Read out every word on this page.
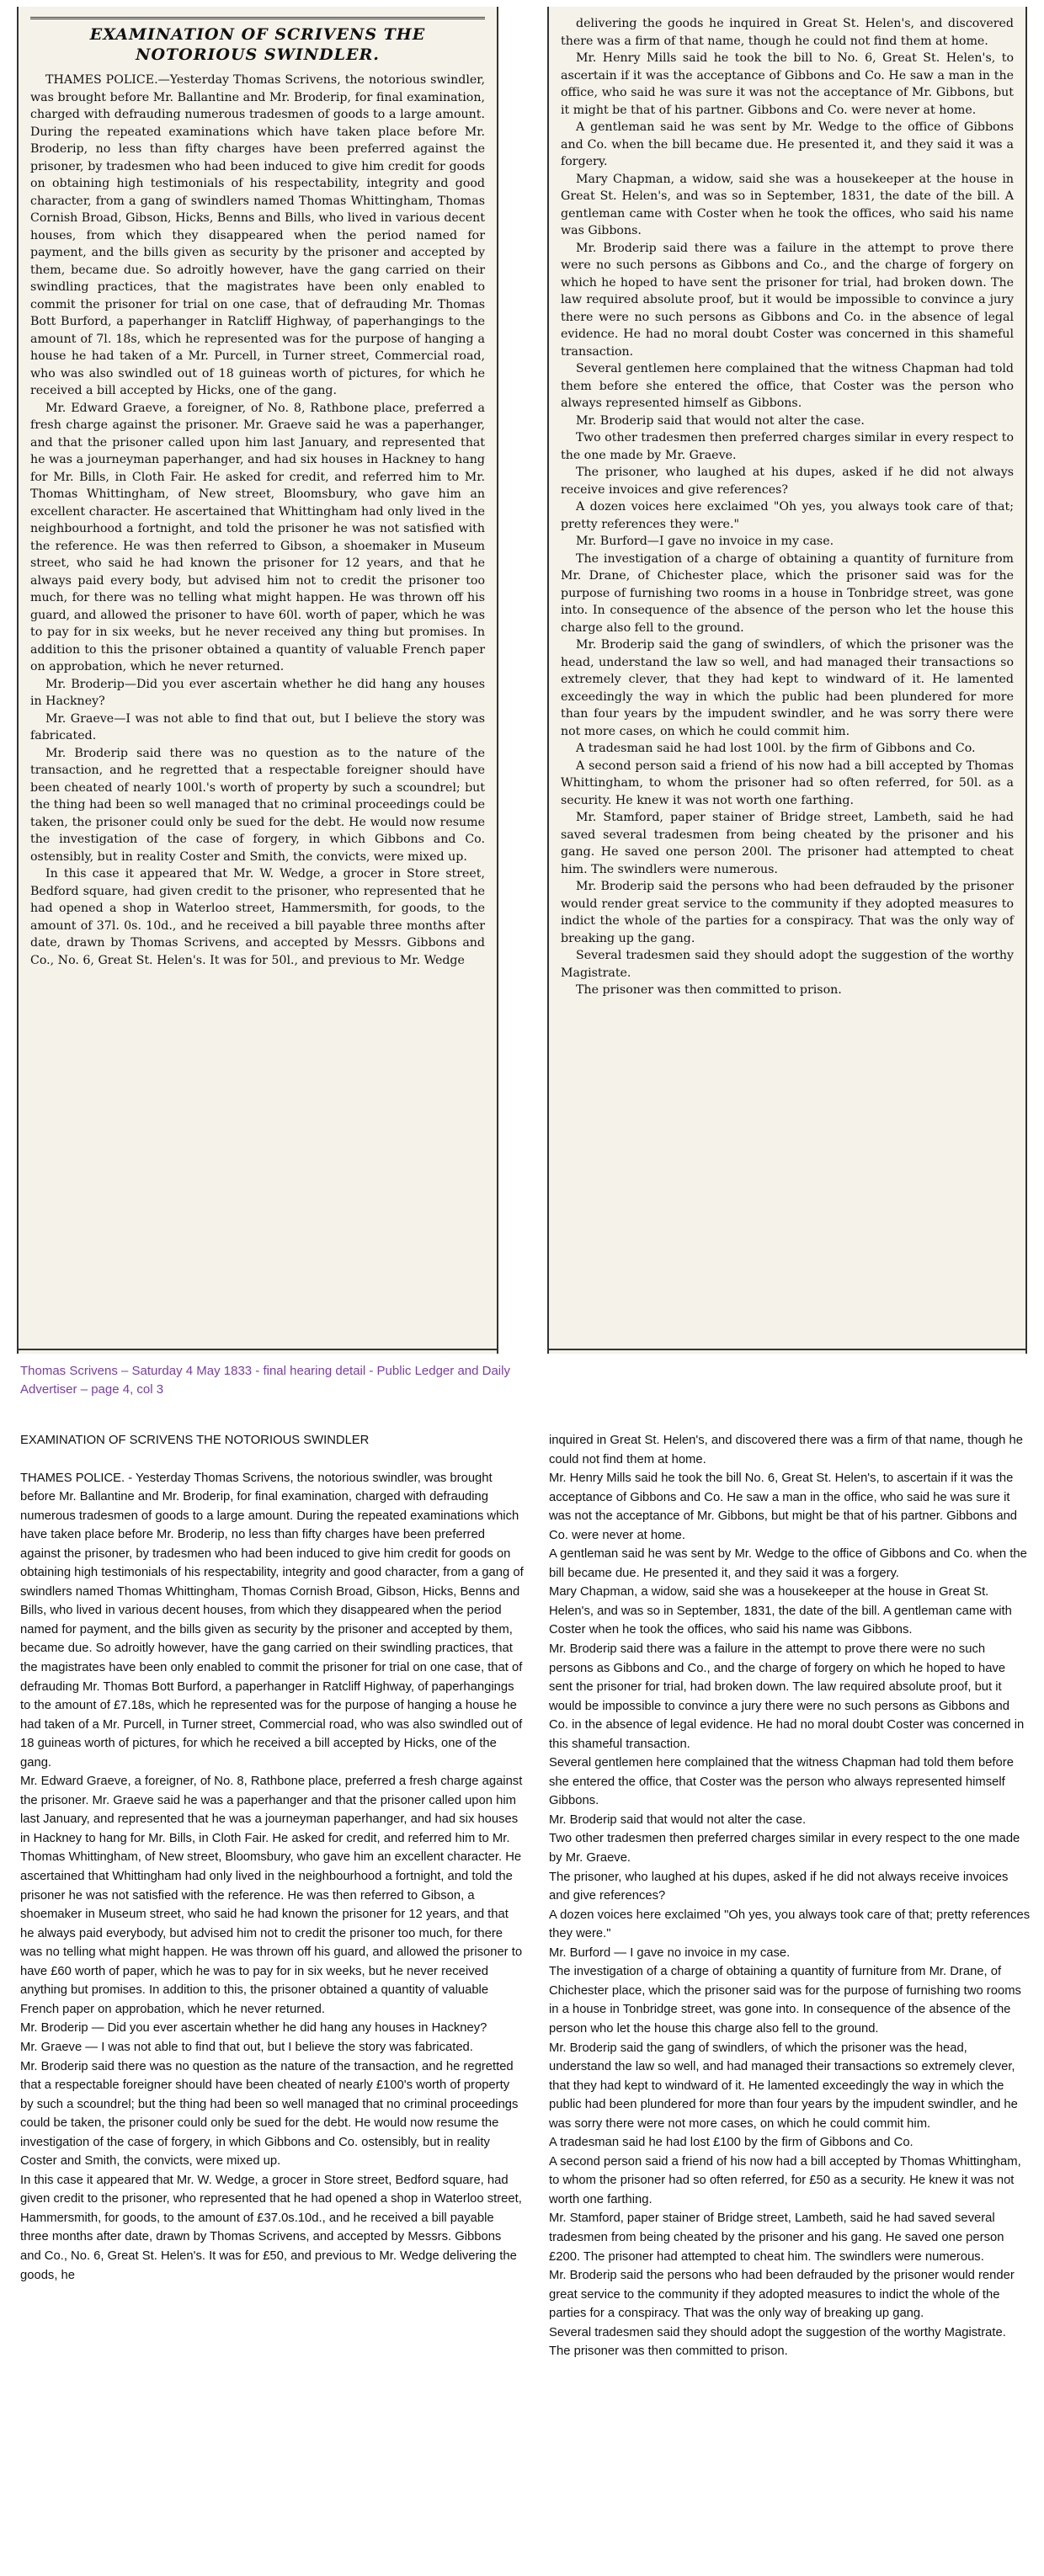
EXAMINATION OF SCRIVENS THE NOTORIOUS SWINDLER.

THAMES POLICE.—Yesterday Thomas Scrivens, the notorious swindler, was brought before Mr. Ballantine and Mr. Broderip, for final examination, charged with defrauding numerous tradesmen of goods to a large amount. During the repeated examinations which have taken place before Mr. Broderip, no less than fifty charges have been preferred against the prisoner, by tradesmen who had been induced to give him credit for goods on obtaining high testimonials of his respectability, integrity and good character, from a gang of swindlers named Thomas Whittingham, Thomas Cornish Broad, Gibson, Hicks, Benns and Bills, who lived in various decent houses, from which they disappeared when the period named for payment, and the bills given as security by the prisoner and accepted by them, became due. So adroitly however, have the gang carried on their swindling practices, that the magistrates have been only enabled to commit the prisoner for trial on one case, that of defrauding Mr. Thomas Bott Burford, a paperhanger in Ratcliff Highway, of paperhangings to the amount of 7l. 18s, which he represented was for the purpose of hanging a house he had taken of a Mr. Purcell, in Turner street, Commercial road, who was also swindled out of 18 guineas worth of pictures, for which he received a bill accepted by Hicks, one of the gang.

Mr. Edward Graeve, a foreigner, of No. 8, Rathbone place, preferred a fresh charge against the prisoner. Mr. Graeve said he was a paperhanger, and that the prisoner called upon him last January, and represented that he was a journeyman paperhanger, and had six houses in Hackney to hang for Mr. Bills, in Cloth Fair. He asked for credit, and referred him to Mr. Thomas Whittingham, of New street, Bloomsbury, who gave him an excellent character. He ascertained that Whittingham had only lived in the neighbourhood a fortnight, and told the prisoner he was not satisfied with the reference. He was then referred to Gibson, a shoemaker in Museum street, who said he had known the prisoner for 12 years, and that he always paid every body, but advised him not to credit the prisoner too much, for there was no telling what might happen. He was thrown off his guard, and allowed the prisoner to have 60l. worth of paper, which he was to pay for in six weeks, but he never received any thing but promises. In addition to this the prisoner obtained a quantity of valuable French paper on approbation, which he never returned.

Mr. Broderip—Did you ever ascertain whether he did hang any houses in Hackney?

Mr. Graeve—I was not able to find that out, but I believe the story was fabricated.

Mr. Broderip said there was no question as to the nature of the transaction, and he regretted that a respectable foreigner should have been cheated of nearly 100l.'s worth of property by such a scoundrel; but the thing had been so well managed that no criminal proceedings could be taken, the prisoner could only be sued for the debt. He would now resume the investigation of the case of forgery, in which Gibbons and Co. ostensibly, but in reality Coster and Smith, the convicts, were mixed up.

In this case it appeared that Mr. W. Wedge, a grocer in Store street, Bedford square, had given credit to the prisoner, who represented that he had opened a shop in Waterloo street, Hammersmith, for goods, to the amount of 37l. 0s. 10d., and he received a bill payable three months after date, drawn by Thomas Scrivens, and accepted by Messrs. Gibbons and Co., No. 6, Great St. Helen's. It was for 50l., and previous to Mr. Wedge

delivering the goods he inquired in Great St. Helen's, and discovered there was a firm of that name, though he could not find them at home.

Mr. Henry Mills said he took the bill to No. 6, Great St. Helen's, to ascertain if it was the acceptance of Gibbons and Co. He saw a man in the office, who said he was sure it was not the acceptance of Mr. Gibbons, but it might be that of his partner. Gibbons and Co. were never at home.

A gentleman said he was sent by Mr. Wedge to the office of Gibbons and Co. when the bill became due. He presented it, and they said it was a forgery.

Mary Chapman, a widow, said she was a housekeeper at the house in Great St. Helen's, and was so in September, 1831, the date of the bill. A gentleman came with Coster when he took the offices, who said his name was Gibbons.

Mr. Broderip said there was a failure in the attempt to prove there were no such persons as Gibbons and Co., and the charge of forgery on which he hoped to have sent the prisoner for trial, had broken down. The law required absolute proof, but it would be impossible to convince a jury there were no such persons as Gibbons and Co. in the absence of legal evidence. He had no moral doubt Coster was concerned in this shameful transaction.

Several gentlemen here complained that the witness Chapman had told them before she entered the office, that Coster was the person who always represented himself as Gibbons.

Mr. Broderip said that would not alter the case.

Two other tradesmen then preferred charges similar in every respect to the one made by Mr. Graeve.

The prisoner, who laughed at his dupes, asked if he did not always receive invoices and give references?

A dozen voices here exclaimed "Oh yes, you always took care of that; pretty references they were."

Mr. Burford—I gave no invoice in my case.

The investigation of a charge of obtaining a quantity of furniture from Mr. Drane, of Chichester place, which the prisoner said was for the purpose of furnishing two rooms in a house in Tonbridge street, was gone into. In consequence of the absence of the person who let the house this charge also fell to the ground.

Mr. Broderip said the gang of swindlers, of which the prisoner was the head, understand the law so well, and had managed their transactions so extremely clever, that they had kept to windward of it. He lamented exceedingly the way in which the public had been plundered for more than four years by the impudent swindler, and he was sorry there were not more cases, on which he could commit him.

A tradesman said he had lost 100l. by the firm of Gibbons and Co.

A second person said a friend of his now had a bill accepted by Thomas Whittingham, to whom the prisoner had so often referred, for 50l. as a security. He knew it was not worth one farthing.

Mr. Stamford, paper stainer of Bridge street, Lambeth, said he had saved several tradesmen from being cheated by the prisoner and his gang. He saved one person 200l. The prisoner had attempted to cheat him. The swindlers were numerous.

Mr. Broderip said the persons who had been defrauded by the prisoner would render great service to the community if they adopted measures to indict the whole of the parties for a conspiracy. That was the only way of breaking up the gang.

Several tradesmen said they should adopt the suggestion of the worthy Magistrate.

The prisoner was then committed to prison.

Thomas Scrivens – Saturday 4 May 1833 - final hearing detail - Public Ledger and Daily Advertiser – page 4, col 3

EXAMINATION OF SCRIVENS THE NOTORIOUS SWINDLER

THAMES POLICE. - Yesterday Thomas Scrivens, the notorious swindler, was brought before Mr. Ballantine and Mr. Broderip, for final examination, charged with defrauding numerous tradesmen of goods to a large amount. During the repeated examinations which have taken place before Mr. Broderip, no less than fifty charges have been preferred against the prisoner, by tradesmen who had been induced to give him credit for goods on obtaining high testimonials of his respectability, integrity and good character, from a gang of swindlers named Thomas Whittingham, Thomas Cornish Broad, Gibson, Hicks, Benns and Bills, who lived in various decent houses, from which they disappeared when the period named for payment, and the bills given as security by the prisoner and accepted by them, became due. So adroitly however, have the gang carried on their swindling practices, that the magistrates have been only enabled to commit the prisoner for trial on one case, that of defrauding Mr. Thomas Bott Burford, a paperhanger in Ratcliff Highway, of paperhangings to the amount of £7.18s, which he represented was for the purpose of hanging a house he had taken of a Mr. Purcell, in Turner street, Commercial road, who was also swindled out of 18 guineas worth of pictures, for which he received a bill accepted by Hicks, one of the gang.

Mr. Edward Graeve, a foreigner, of No. 8, Rathbone place, preferred a fresh charge against the prisoner. Mr. Graeve said he was a paperhanger and that the prisoner called upon him last January, and represented that he was a journeyman paperhanger, and had six houses in Hackney to hang for Mr. Bills, in Cloth Fair. He asked for credit, and referred him to Mr. Thomas Whittingham, of New street, Bloomsbury, who gave him an excellent character. He ascertained that Whittingham had only lived in the neighbourhood a fortnight, and told the prisoner he was not satisfied with the reference. He was then referred to Gibson, a shoemaker in Museum street, who said he had known the prisoner for 12 years, and that he always paid everybody, but advised him not to credit the prisoner too much, for there was no telling what might happen. He was thrown off his guard, and allowed the prisoner to have £60 worth of paper, which he was to pay for in six weeks, but he never received anything but promises. In addition to this, the prisoner obtained a quantity of valuable French paper on approbation, which he never returned.

Mr. Broderip — Did you ever ascertain whether he did hang any houses in Hackney?

Mr. Graeve — I was not able to find that out, but I believe the story was fabricated.

Mr. Broderip said there was no question as the nature of the transaction, and he regretted that a respectable foreigner should have been cheated of nearly £100's worth of property by such a scoundrel; but the thing had been so well managed that no criminal proceedings could be taken, the prisoner could only be sued for the debt. He would now resume the investigation of the case of forgery, in which Gibbons and Co. ostensibly, but in reality Coster and Smith, the convicts, were mixed up.

In this case it appeared that Mr. W. Wedge, a grocer in Store street, Bedford square, had given credit to the prisoner, who represented that he had opened a shop in Waterloo street, Hammersmith, for goods, to the amount of £37.0s.10d., and he received a bill payable three months after date, drawn by Thomas Scrivens, and accepted by Messrs. Gibbons and Co., No. 6, Great St. Helen's. It was for £50, and previous to Mr. Wedge delivering the goods, he

inquired in Great St. Helen's, and discovered there was a firm of that name, though he could not find them at home.

Mr. Henry Mills said he took the bill No. 6, Great St. Helen's, to ascertain if it was the acceptance of Gibbons and Co. He saw a man in the office, who said he was sure it was not the acceptance of Mr. Gibbons, but might be that of his partner. Gibbons and Co. were never at home.

A gentleman said he was sent by Mr. Wedge to the office of Gibbons and Co. when the bill became due. He presented it, and they said it was a forgery.

Mary Chapman, a widow, said she was a housekeeper at the house in Great St. Helen's, and was so in September, 1831, the date of the bill. A gentleman came with Coster when he took the offices, who said his name was Gibbons.

Mr. Broderip said there was a failure in the attempt to prove there were no such persons as Gibbons and Co., and the charge of forgery on which he hoped to have sent the prisoner for trial, had broken down. The law required absolute proof, but it would be impossible to convince a jury there were no such persons as Gibbons and Co. in the absence of legal evidence. He had no moral doubt Coster was concerned in this shameful transaction.

Several gentlemen here complained that the witness Chapman had told them before she entered the office, that Coster was the person who always represented himself Gibbons.

Mr. Broderip said that would not alter the case.

Two other tradesmen then preferred charges similar in every respect to the one made by Mr. Graeve.

The prisoner, who laughed at his dupes, asked if he did not always receive invoices and give references?

A dozen voices here exclaimed "Oh yes, you always took care of that; pretty references they were."

Mr. Burford — I gave no invoice in my case.

The investigation of a charge of obtaining a quantity of furniture from Mr. Drane, of Chichester place, which the prisoner said was for the purpose of furnishing two rooms in a house in Tonbridge street, was gone into. In consequence of the absence of the person who let the house this charge also fell to the ground.

Mr. Broderip said the gang of swindlers, of which the prisoner was the head, understand the law so well, and had managed their transactions so extremely clever, that they had kept to windward of it. He lamented exceedingly the way in which the public had been plundered for more than four years by the impudent swindler, and he was sorry there were not more cases, on which he could commit him.

A tradesman said he had lost £100 by the firm of Gibbons and Co.

A second person said a friend of his now had a bill accepted by Thomas Whittingham, to whom the prisoner had so often referred, for £50 as a security. He knew it was not worth one farthing.

Mr. Stamford, paper stainer of Bridge street, Lambeth, said he had saved several tradesmen from being cheated by the prisoner and his gang. He saved one person £200. The prisoner had attempted to cheat him. The swindlers were numerous.

Mr. Broderip said the persons who had been defrauded by the prisoner would render great service to the community if they adopted measures to indict the whole of the parties for a conspiracy. That was the only way of breaking up gang.

Several tradesmen said they should adopt the suggestion of the worthy Magistrate.

The prisoner was then committed to prison.
